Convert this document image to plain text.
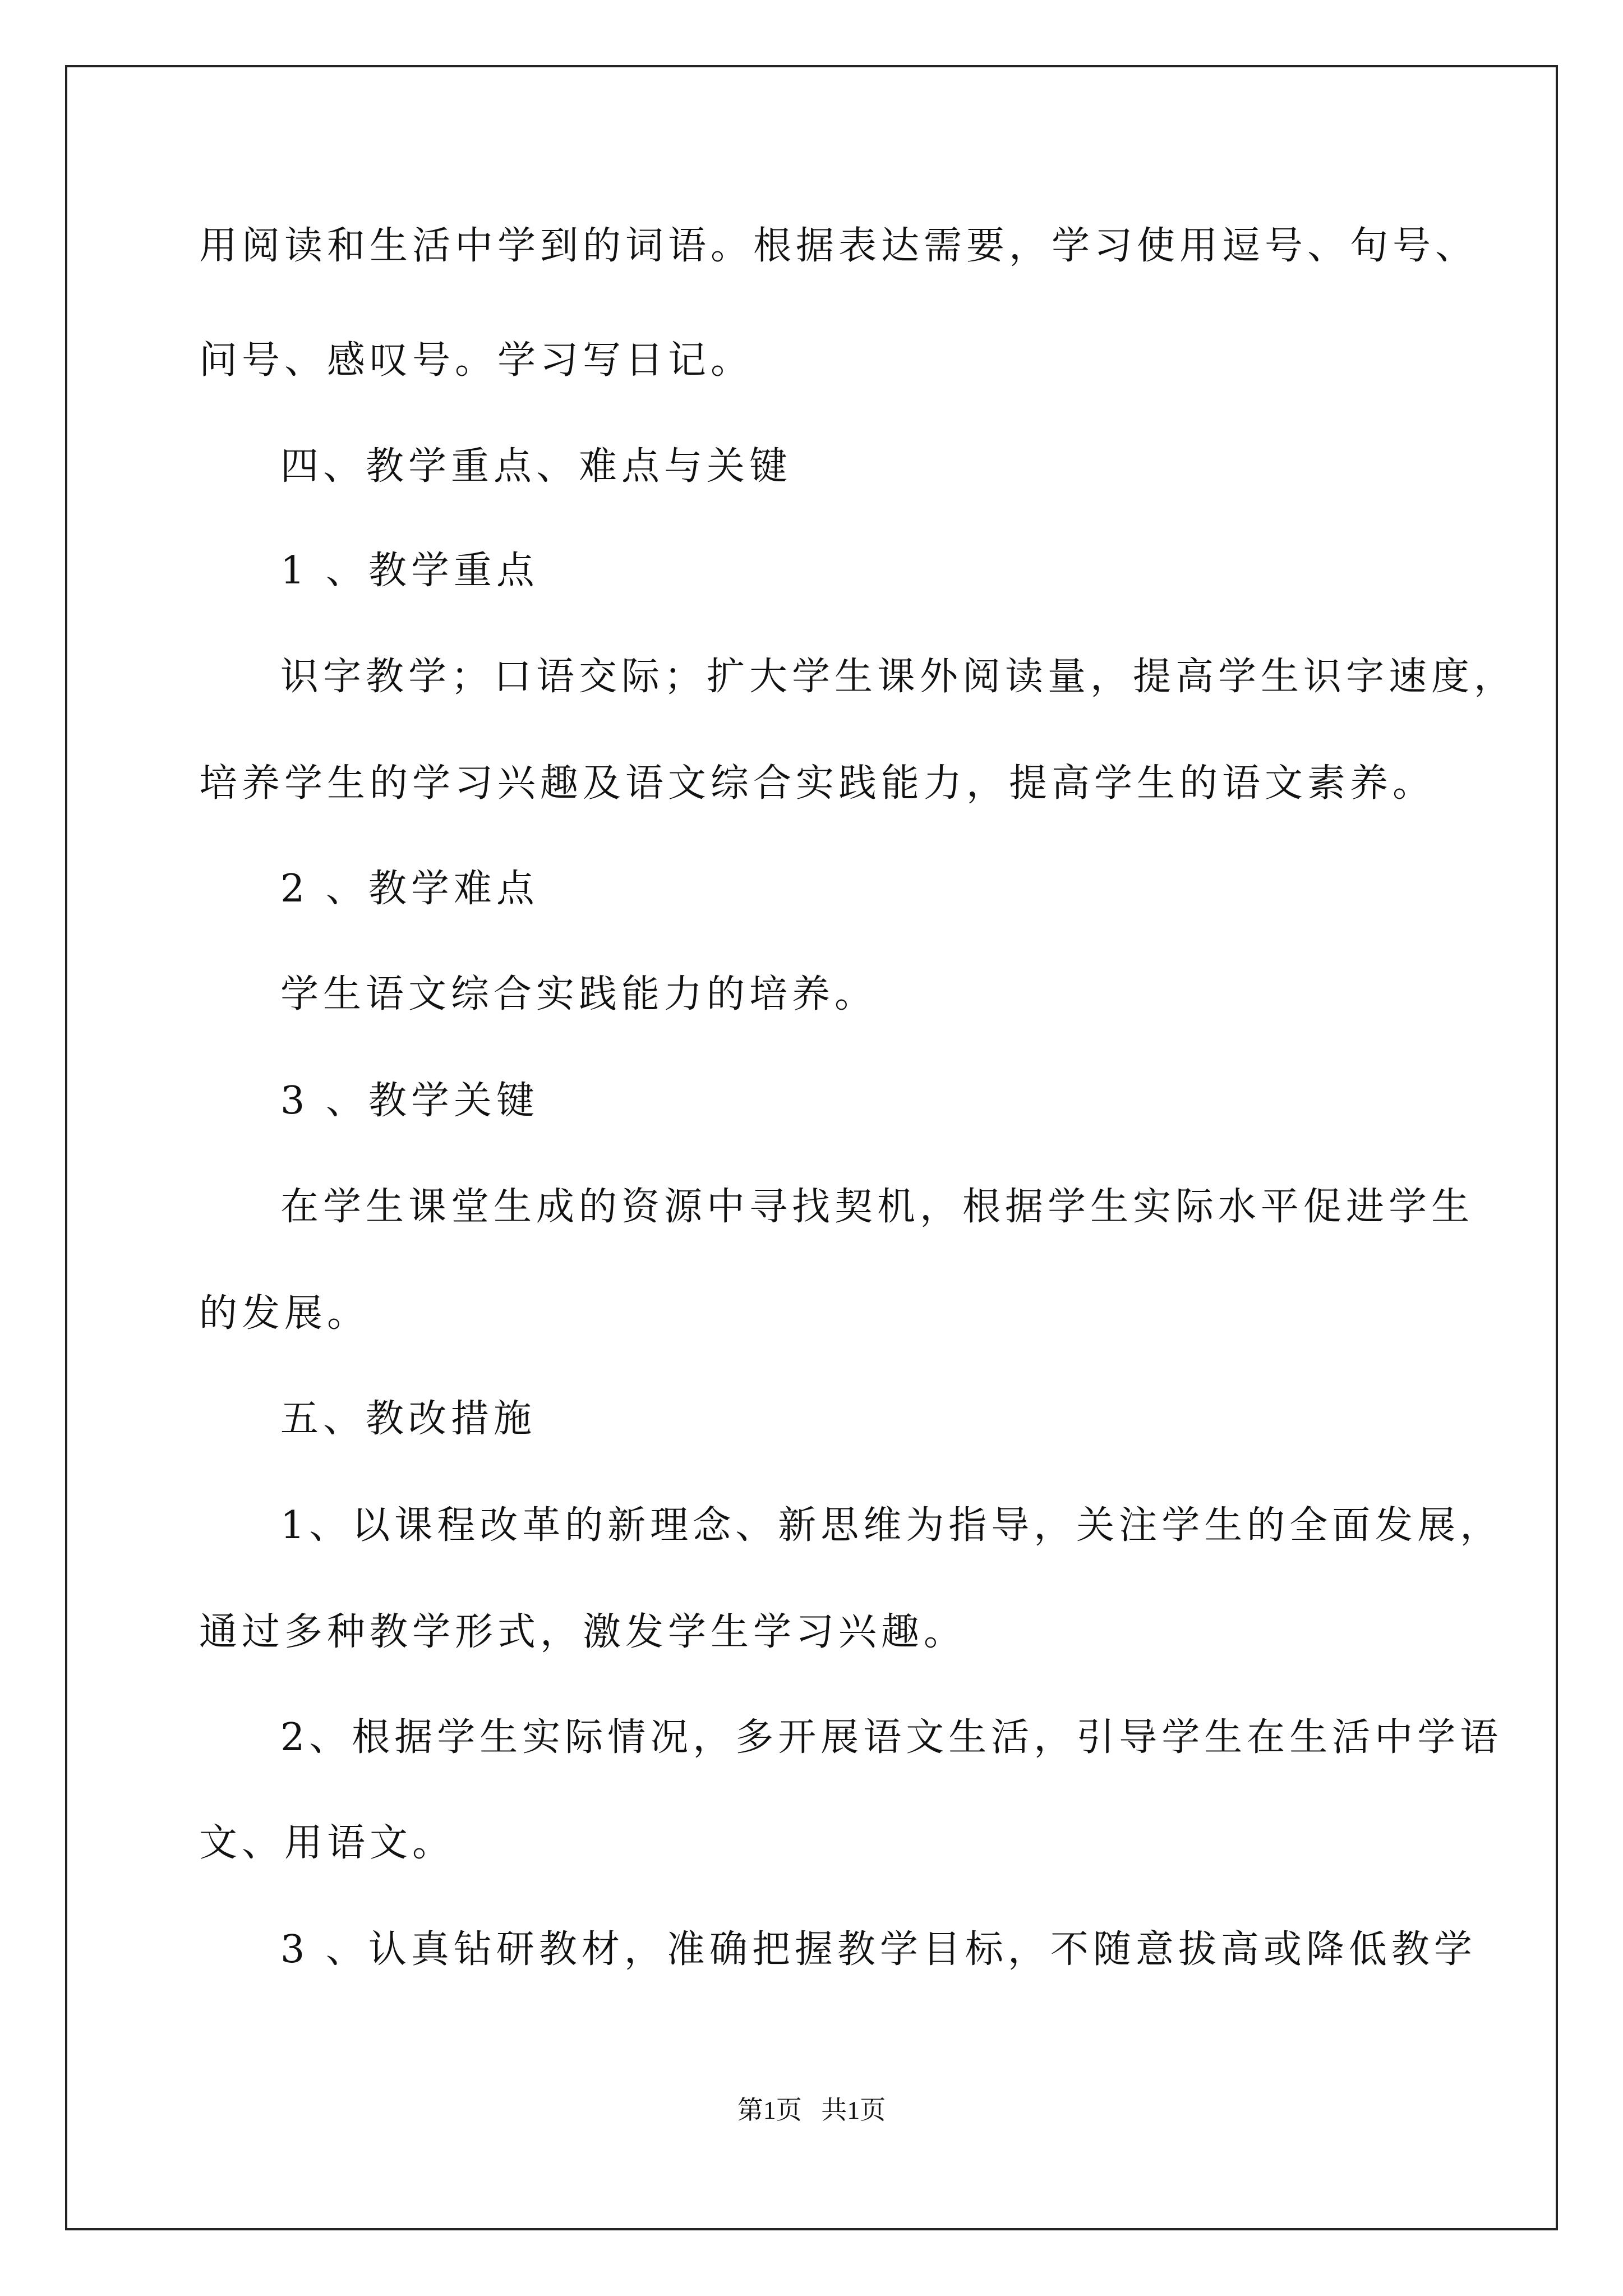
用阅读和生活中学到的词语。根据表达需要，学习使用逗号、句号、
问号、感叹号。学习写日记。
四、教学重点、难点与关键
1 、教学重点
识字教学；口语交际；扩大学生课外阅读量，提高学生识字速度，
培养学生的学习兴趣及语文综合实践能力，提高学生的语文素养。
2 、教学难点
学生语文综合实践能力的培养。
3 、教学关键
在学生课堂生成的资源中寻找契机，根据学生实际水平促进学生
的发展。
五、教改措施
1、以课程改革的新理念、新思维为指导，关注学生的全面发展，
通过多种教学形式，激发学生学习兴趣。
2、根据学生实际情况，多开展语文生活，引导学生在生活中学语
文、用语文。
3 、认真钻研教材，准确把握教学目标，不随意拔高或降低教学
第1页   共1页
